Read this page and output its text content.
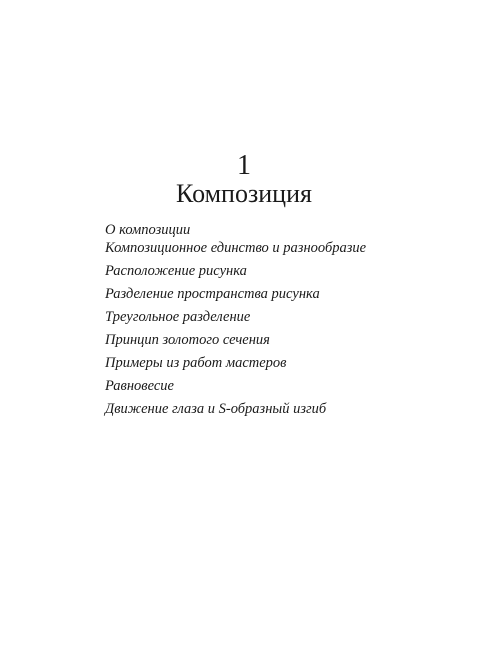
1
Композиция
О композиции
Композиционное единство и разнообразие
Расположение рисунка
Разделение пространства рисунка
Треугольное разделение
Принцип золотого сечения
Примеры из работ мастеров
Равновесие
Движение глаза и S-образный изгиб
